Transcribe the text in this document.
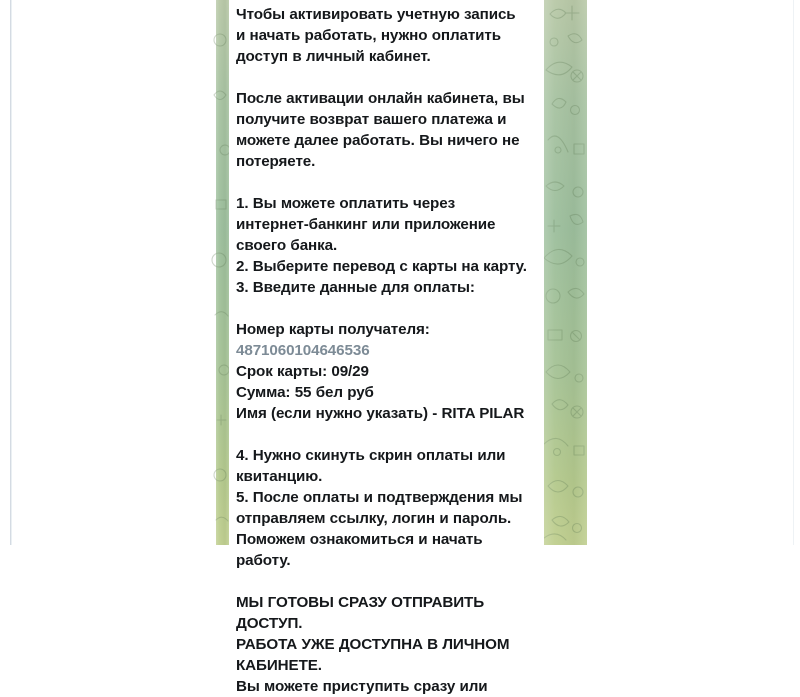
Чтобы активировать учетную запись

и начать работать, нужно оплатить

доступ в личный кабинет.

После активации онлайн кабинета, вы

получите возврат вашего платежа и

можете далее работать. Вы ничего не

потеряете.

1. Вы можете оплатить через

интернет-банкинг или приложение

своего банка.

2. Выберите перевод с карты на карту.

3. Введите данные для оплаты:

Номер карты получателя:

4871060104646536

Срок карты: 09/29

Сумма: 55 бел руб

Имя (если нужно указать) - RITA PILAR

4. Нужно скинуть скрин оплаты или

квитанцию.

5. После оплаты и подтверждения мы

отправляем ссылку, логин и пароль.

Поможем ознакомиться и начать

работу.

МЫ ГОТОВЫ СРАЗУ ОТПРАВИТЬ

ДОСТУП.

РАБОТА УЖЕ ДОСТУПНА В ЛИЧНОМ

КАБИНЕТЕ.

Вы можете приступить сразу или
